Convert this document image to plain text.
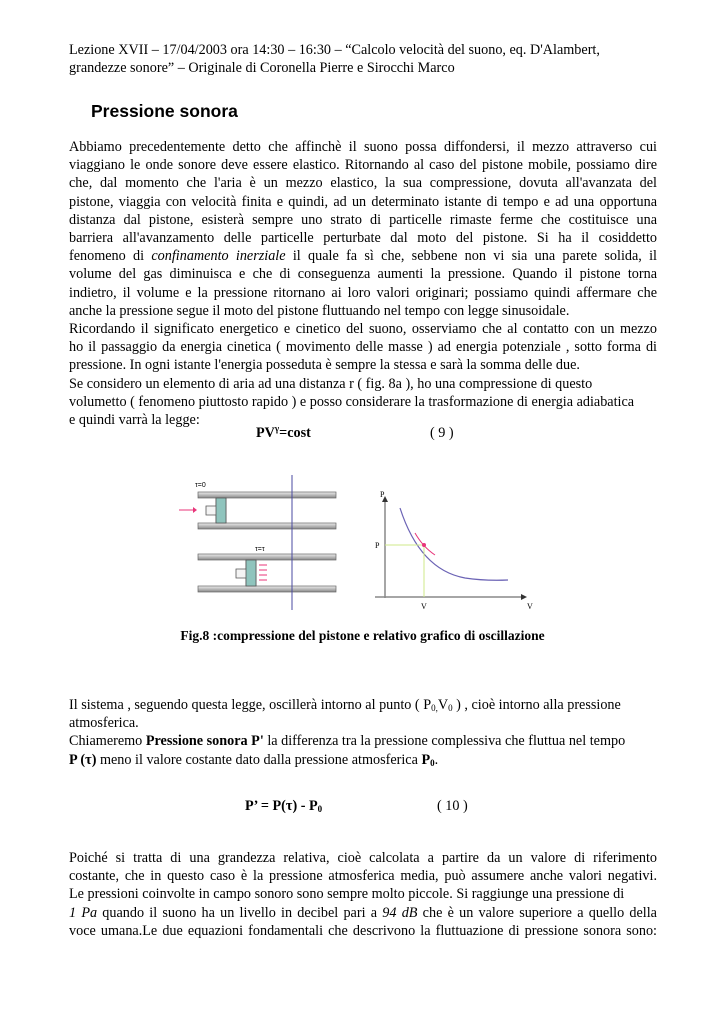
Lezione XVII – 17/04/2003 ora 14:30 – 16:30 – “Calcolo velocità del suono, eq. D'Alambert,
grandezze sonore” – Originale di Coronella Pierre e Sirocchi Marco
Pressione sonora
Abbiamo precedentemente detto che affinchè il suono possa diffondersi, il mezzo attraverso cui
viaggiano le onde sonore deve essere elastico. Ritornando al caso del pistone mobile, possiamo dire
che, dal momento che l'aria è un mezzo elastico, la sua compressione, dovuta all'avanzata del
pistone, viaggia con velocità finita e quindi, ad un determinato istante di tempo e ad una opportuna
distanza dal pistone, esisterà sempre uno strato di particelle rimaste ferme che costituisce una
barriera all'avanzamento delle particelle perturbate dal moto del pistone. Si ha il cosiddetto
fenomeno di confinamento inerziale il quale fa sì che, sebbene non vi sia una parete solida, il
volume del gas diminuisca e che di conseguenza aumenti la pressione. Quando il pistone torna
indietro, il volume e la pressione ritornano ai loro valori originari; possiamo quindi affermare che
anche la pressione segue il moto del pistone fluttuando nel tempo con legge sinusoidale.
Ricordando il significato energetico e cinetico del suono, osserviamo che al contatto con un mezzo
ho il passaggio da energia cinetica ( movimento delle masse ) ad energia potenziale , sotto forma di
pressione. In ogni istante l'energia posseduta è sempre la stessa e sarà la somma delle due.
Se considero un elemento di aria ad una distanza r ( fig. 8a ), ho una compressione di questo
volumetto ( fenomeno piuttosto rapido ) e posso considerare la trasformazione di energia adiabatica
e quindi varrà la legge:
$PV^\gamma=\cos t$	( 9 )
τ=0
τ=τ
P
P
V	V
Fig.8 :compressione del pistone e relativo grafico di oscillazione
Il sistema , seguendo questa legge, oscillerà intorno al punto ( $P_{0,}V_0$ ) , cioè intorno alla pressione
atmosferica.
Chiameremo Pressione sonora P' la differenza tra la pressione complessiva che fluttua nel tempo
P (τ) meno il valore costante dato dalla pressione atmosferica $P_0$.
P’ = $P(\tau) - P_0$	( 10 )
Poiché si tratta di una grandezza relativa, cioè calcolata a partire da un valore di riferimento
costante, che in questo caso è la pressione atmosferica media, può assumere anche valori negativi.
Le pressioni coinvolte in campo sonoro sono sempre molto piccole. Si raggiunge una pressione di
1 Pa quando il suono ha un livello in decibel pari a 94 dB che è un valore superiore a quello della
voce umana.Le due equazioni fondamentali che descrivono la fluttuazione di pressione sonora sono:
